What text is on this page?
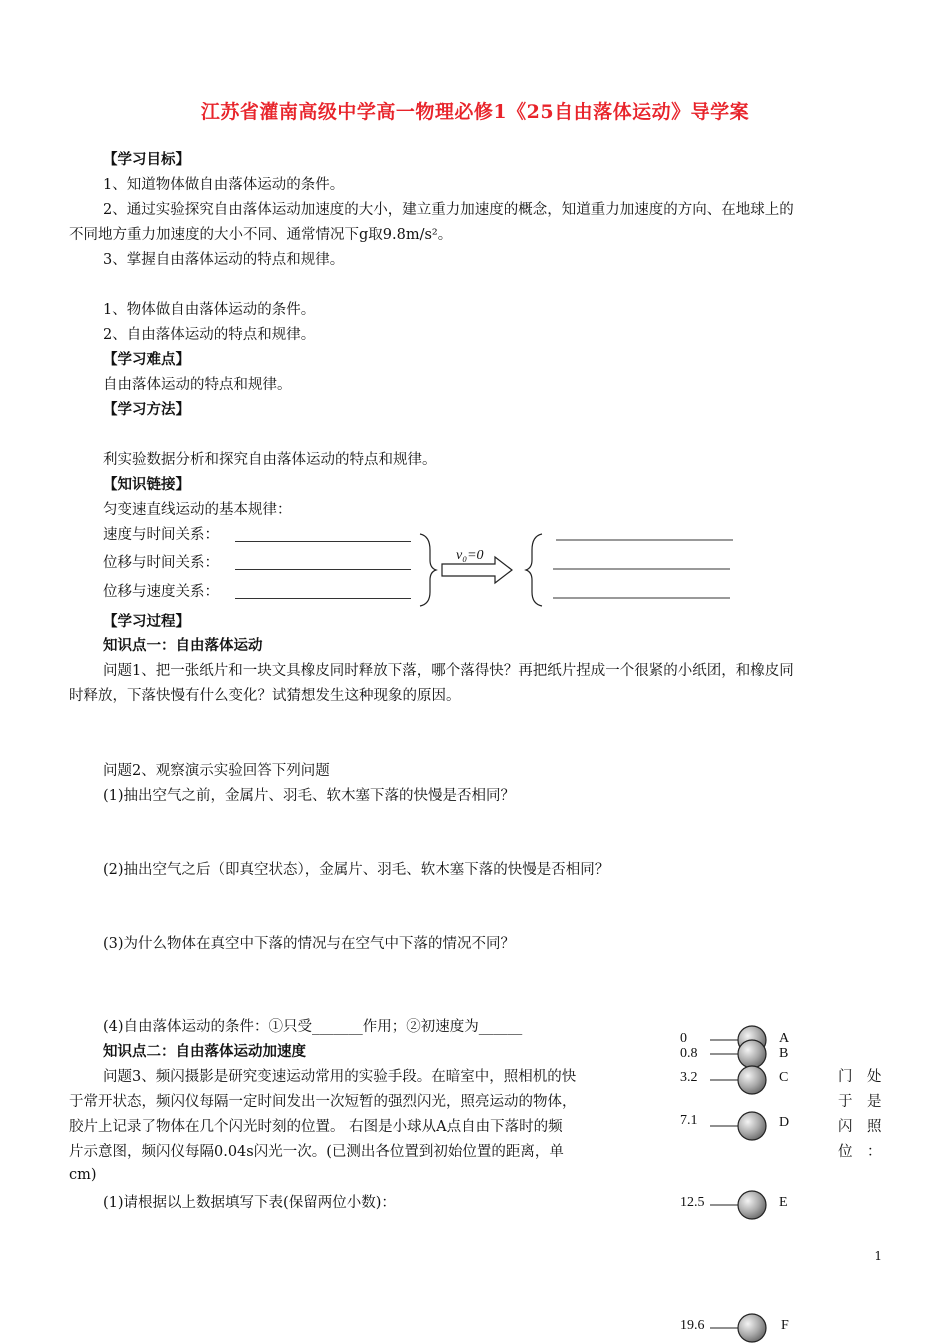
江苏省灌南高级中学高一物理必修1《25自由落体运动》导学案
【学习目标】
1、知道物体做自由落体运动的条件。
2、通过实验探究自由落体运动加速度的大小，建立重力加速度的概念，知道重力加速度的方向、在地球上的
不同地方重力加速度的大小不同、通常情况下g取9.8m/s²。
3、掌握自由落体运动的特点和规律。
1、物体做自由落体运动的条件。
2、自由落体运动的特点和规律。
【学习难点】
自由落体运动的特点和规律。
【学习方法】
利实验数据分析和探究自由落体运动的特点和规律。
【知识链接】
匀变速直线运动的基本规律：
速度与时间关系：
位移与时间关系：
位移与速度关系：
v₀=0
【学习过程】
知识点一：自由落体运动
问题1、把一张纸片和一块文具橡皮同时释放下落，哪个落得快？再把纸片捏成一个很紧的小纸团，和橡皮同
时释放，下落快慢有什么变化？试猜想发生这种现象的原因。
问题2、观察演示实验回答下列问题
(1)抽出空气之前，金属片、羽毛、软木塞下落的快慢是否相同？
(2)抽出空气之后（即真空状态），金属片、羽毛、软木塞下落的快慢是否相同？
(3)为什么物体在真空中下落的情况与在空气中下落的情况不同？
(4)自由落体运动的条件：①只受_______作用；②初速度为______
知识点二：自由落体运动加速度
问题3、频闪摄影是研究变速运动常用的实验手段。在暗室中，照相机的快
于常开状态，频闪仪每隔一定时间发出一次短暂的强烈闪光，照亮运动的物体，
胶片上记录了物体在几个闪光时刻的位置。 右图是小球从A点自由下落时的频
片示意图，频闪仪每隔0.04s闪光一次。(已测出各位置到初始位置的距离，单
cm)
(1)请根据以上数据填写下表(保留两位小数)：
门　处
于　是
闪　照
位　：
0
0.8
3.2
7.1
12.5
19.6
A
B
C
D
E
F
1
